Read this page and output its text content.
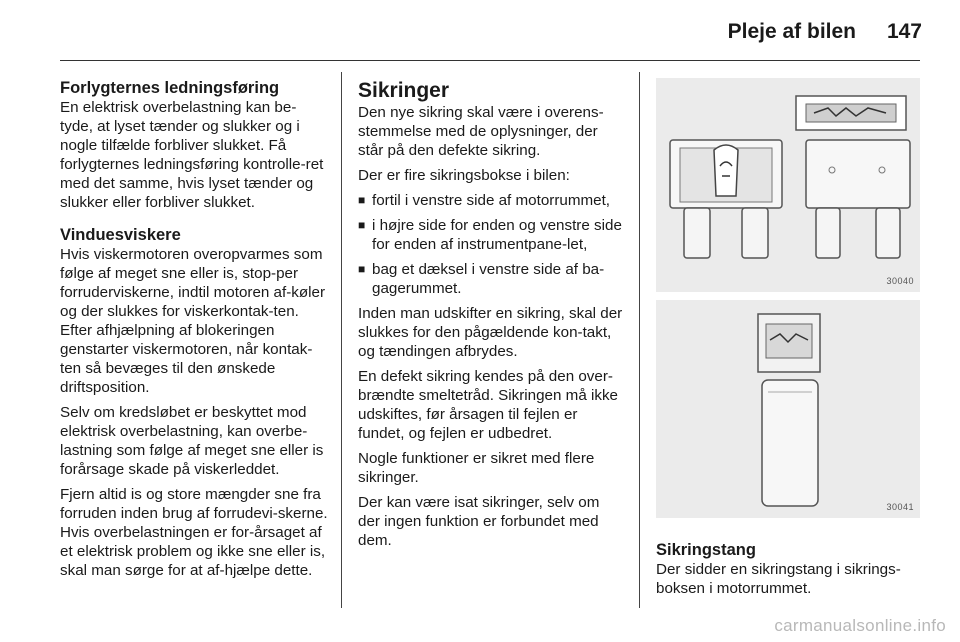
Pleje af bilen 147
Forlygternes ledningsføring

En elektrisk overbelastning kan be-tyde, at lyset tænder og slukker og i nogle tilfælde forbliver slukket. Få forlygternes ledningsføring kontrolle-ret med det samme, hvis lyset tænder og slukker eller forbliver slukket.

Vinduesviskere

Hvis viskermotoren overopvarmes som følge af meget sne eller is, stop-per forruderviskerne, indtil motoren af-køler og der slukkes for viskerkontak-ten. Efter afhjælpning af blokeringen genstarter viskermotoren, når kontak-ten så bevæges til den ønskede driftsposition.

Selv om kredsløbet er beskyttet mod elektrisk overbelastning, kan overbe-lastning som følge af meget sne eller is forårsage skade på viskerleddet.

Fjern altid is og store mængder sne fra forruden inden brug af forrudevi-skerne. Hvis overbelastningen er for-årsaget af et elektrisk problem og ikke sne eller is, skal man sørge for at af-hjælpe dette.

Sikringer

Den nye sikring skal være i overens-stemmelse med de oplysninger, der står på den defekte sikring.

Der er fire sikringsbokse i bilen:

■ fortil i venstre side af motorrummet,
■ i højre side for enden og venstre side for enden af instrumentpane-let,
■ bag et dæksel i venstre side af ba-gagerummet.

Inden man udskifter en sikring, skal der slukkes for den pågældende kon-takt, og tændingen afbrydes.

En defekt sikring kendes på den over-brændte smeltetråd. Sikringen må ikke udskiftes, før årsagen til fejlen er fundet, og fejlen er udbedret.

Nogle funktioner er sikret med flere sikringer.

Der kan være isat sikringer, selv om der ingen funktion er forbundet med dem.

30040
30041
Sikringstang

Der sidder en sikringstang i sikrings-boksen i motorrummet.

carmanualsonline.info
